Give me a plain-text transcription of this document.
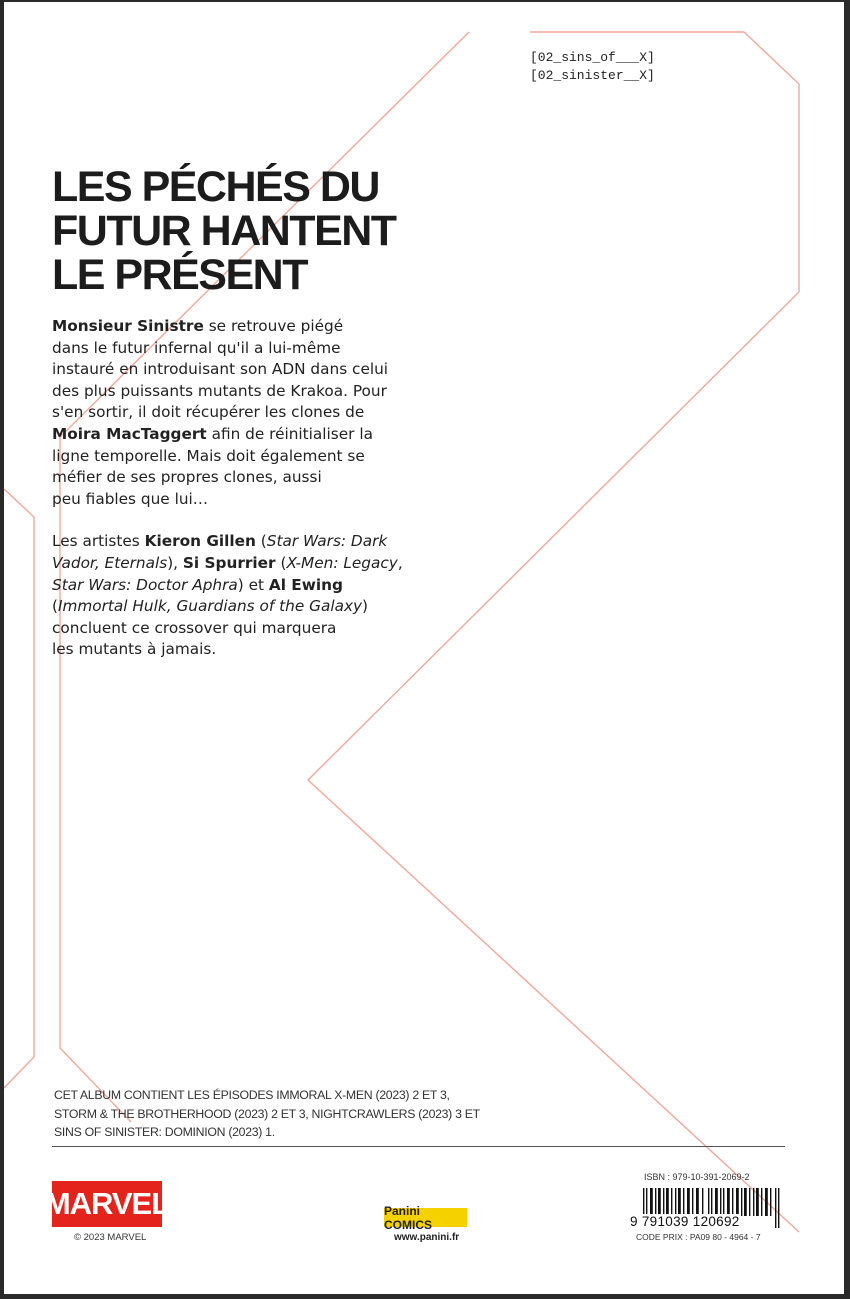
[02_sins_of___X]
[02_sinister__X]
LES PÉCHÉS DU
FUTUR HANTENT
LE PRÉSENT

Monsieur Sinistre se retrouve piégé
dans le futur infernal qu'il a lui-même
instauré en introduisant son ADN dans celui
des plus puissants mutants de Krakoa. Pour
s'en sortir, il doit récupérer les clones de
Moira MacTaggert afin de réinitialiser la
ligne temporelle. Mais doit également se
méfier de ses propres clones, aussi
peu fiables que lui…

Les artistes Kieron Gillen (Star Wars: Dark
Vador, Eternals), Si Spurrier (X-Men: Legacy,
Star Wars: Doctor Aphra) et Al Ewing
(Immortal Hulk, Guardians of the Galaxy)
concluent ce crossover qui marquera
les mutants à jamais.

CET ALBUM CONTIENT LES ÉPISODES IMMORAL X-MEN (2023) 2 ET 3,
STORM & THE BROTHERHOOD (2023) 2 ET 3, NIGHTCRAWLERS (2023) 3 ET
SINS OF SINISTER: DOMINION (2023) 1.
MARVEL
© 2023 MARVEL
Panini COMICS
www.panini.fr
ISBN : 979-10-391-2069-2
9 791039 120692
CODE PRIX : PA09 80 - 4964 - 7
